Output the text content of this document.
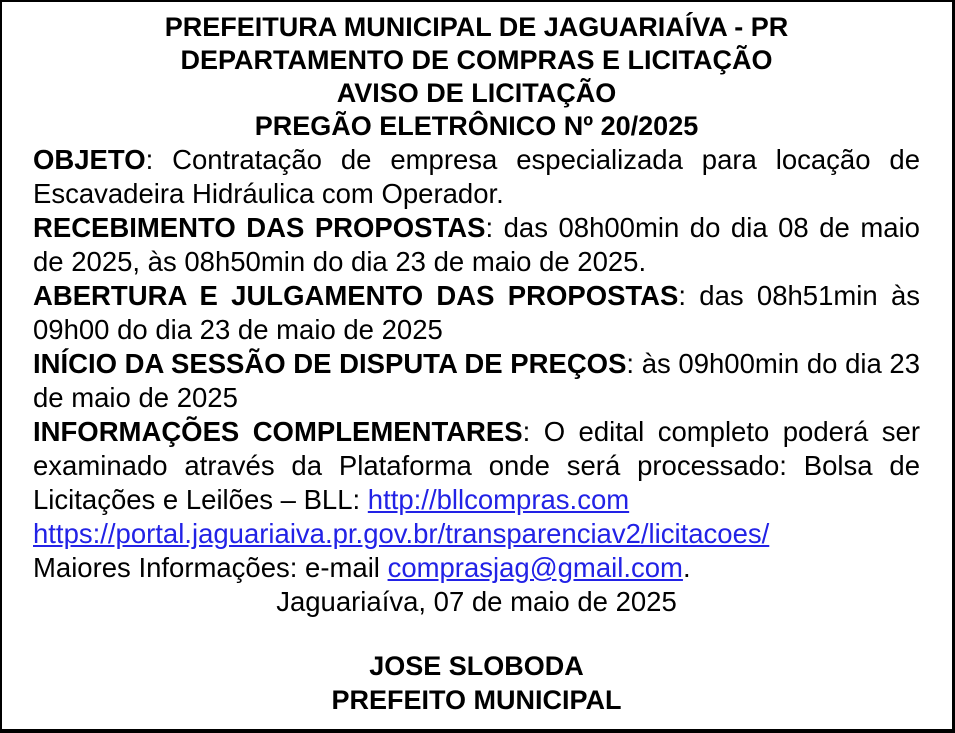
PREFEITURA MUNICIPAL DE JAGUARIAÍVA - PR
DEPARTAMENTO DE COMPRAS E LICITAÇÃO
AVISO DE LICITAÇÃO
PREGÃO ELETRÔNICO Nº 20/2025

OBJETO: Contratação de empresa especializada para locação de Escavadeira Hidráulica com Operador.

RECEBIMENTO DAS PROPOSTAS: das 08h00min do dia 08 de maio de 2025, às 08h50min do dia 23 de maio de 2025.

ABERTURA E JULGAMENTO DAS PROPOSTAS: das 08h51min às 09h00 do dia 23 de maio de 2025

INÍCIO DA SESSÃO DE DISPUTA DE PREÇOS: às 09h00min do dia 23 de maio de 2025

INFORMAÇÕES COMPLEMENTARES: O edital completo poderá ser examinado através da Plataforma onde será processado: Bolsa de Licitações e Leilões – BLL: http://bllcompras.com

https://portal.jaguariaiva.pr.gov.br/transparenciav2/licitacoes/

Maiores Informações: e-mail comprasjag@gmail.com.

Jaguariaíva, 07 de maio de 2025

JOSE SLOBODA
PREFEITO MUNICIPAL
